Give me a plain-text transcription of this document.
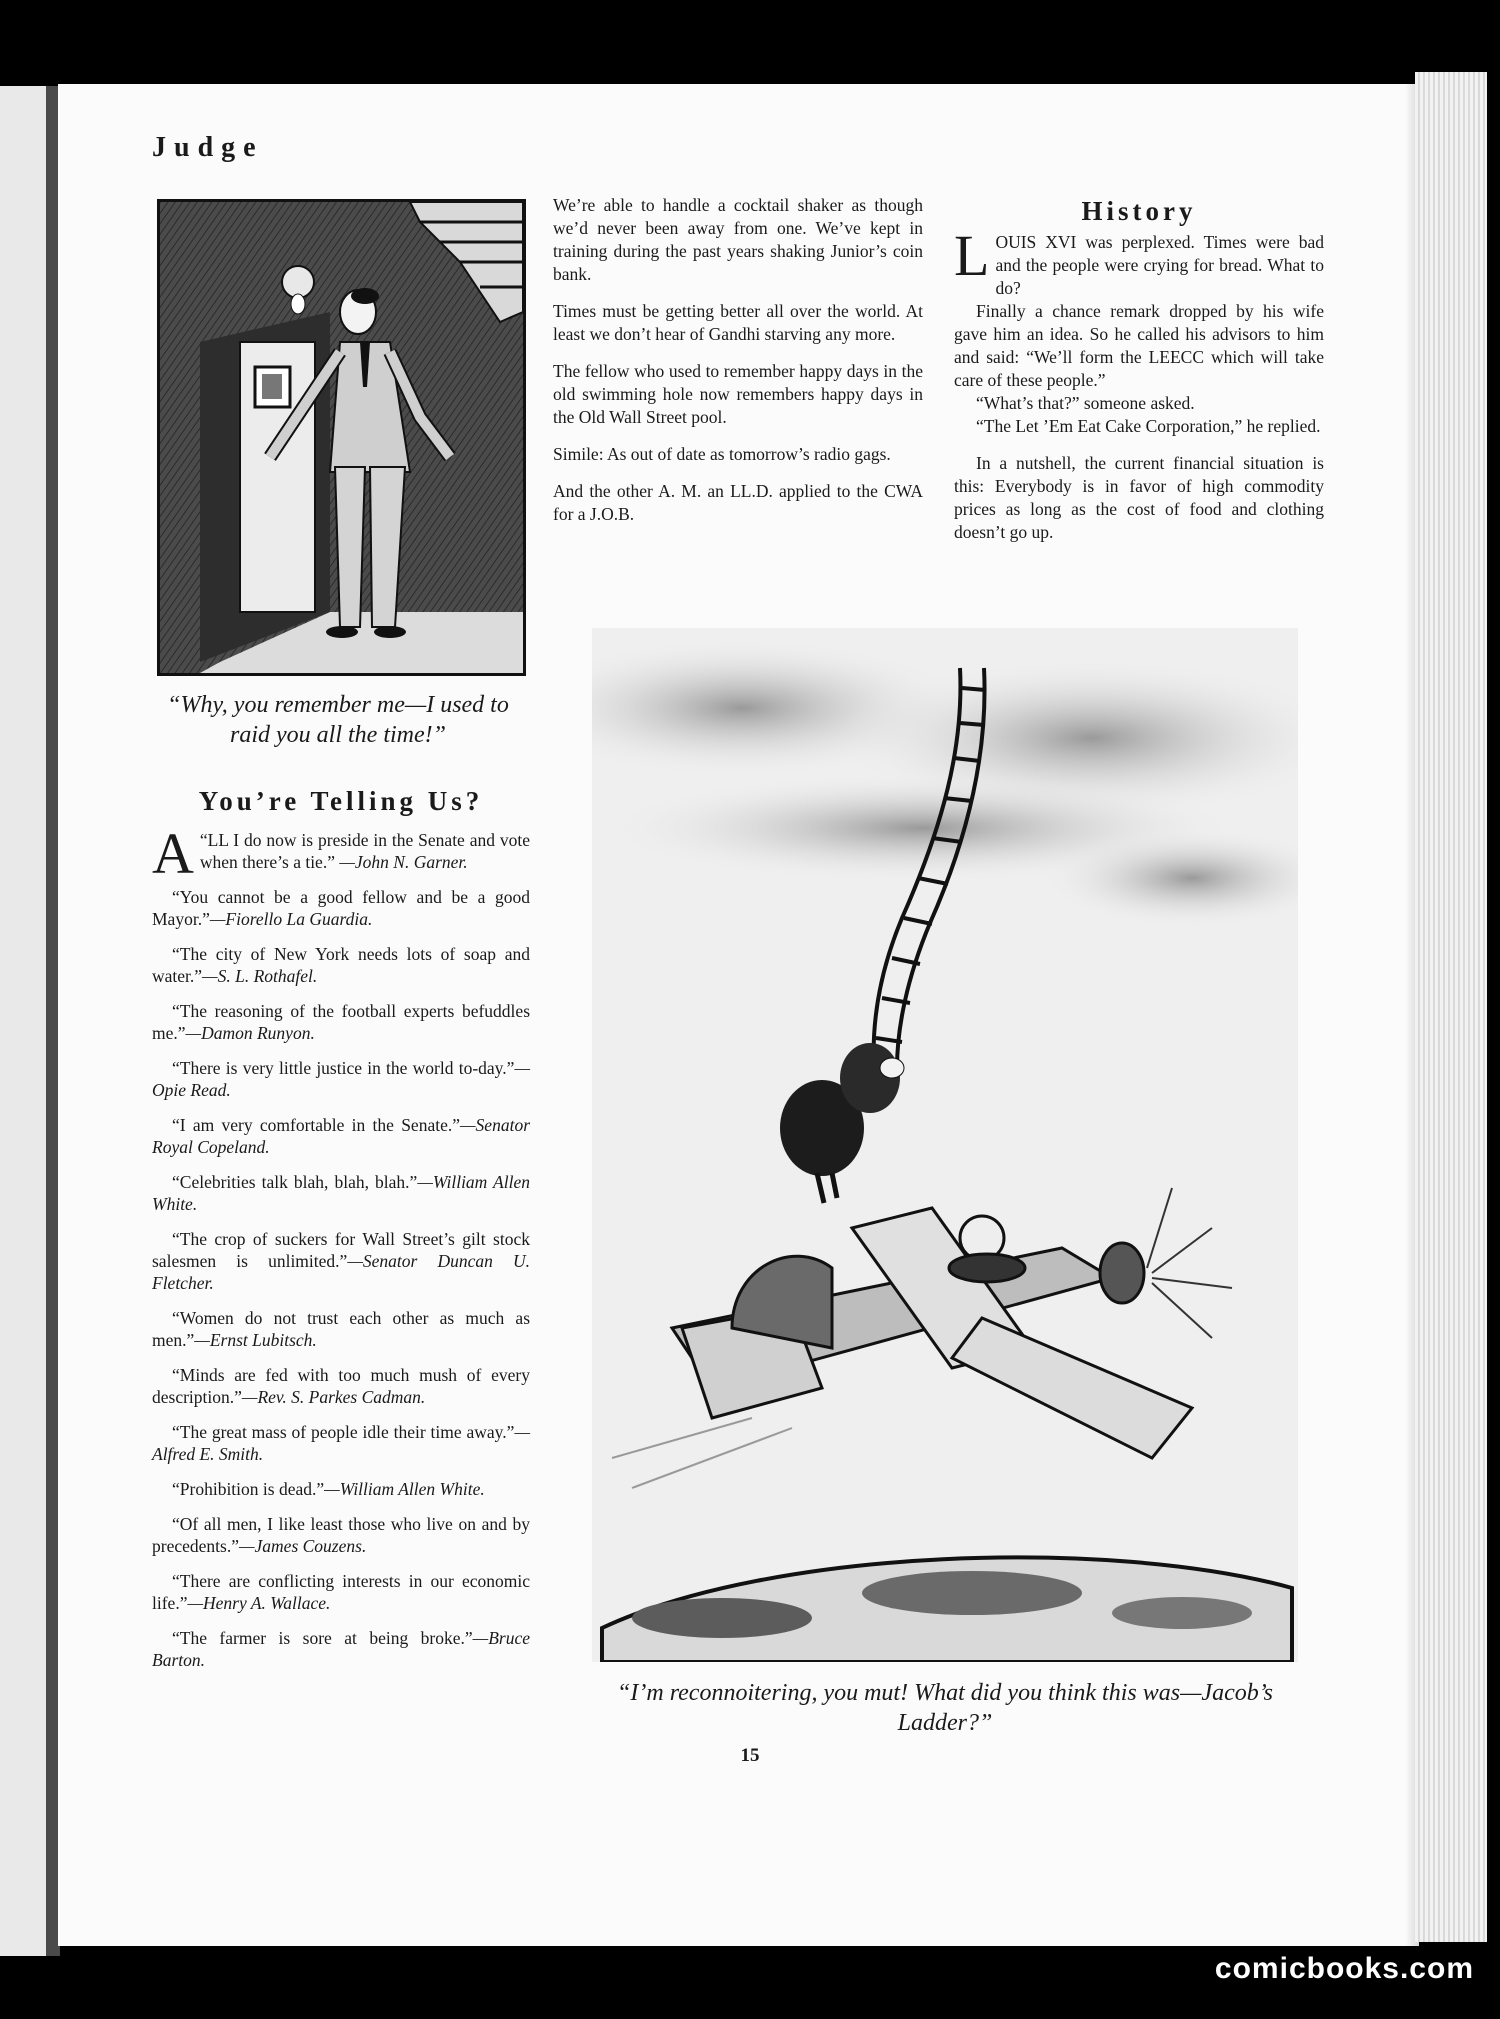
Judge
“Why, you remember me—I used to raid you all the time!”

We’re able to handle a cocktail shaker as though we’d never been away from one. We’ve kept in training during the past years shaking Junior’s coin bank.

Times must be getting better all over the world. At least we don’t hear of Gandhi starving any more.

The fellow who used to remember happy days in the old swimming hole now remembers happy days in the Old Wall Street pool.

Simile: As out of date as tomorrow’s radio gags.

And the other A. M. an LL.D. applied to the CWA for a J.O.B.

History

LOUIS XVI was perplexed. Times were bad and the people were crying for bread. What to do?

Finally a chance remark dropped by his wife gave him an idea. So he called his advisors to him and said: “We’ll form the LEECC which will take care of these people.”

“What’s that?” someone asked.

“The Let ’Em Eat Cake Corporation,” he replied.

In a nutshell, the current financial situation is this: Everybody is in favor of high commodity prices as long as the cost of food and clothing doesn’t go up.

You’re Telling Us?

“
A LL I do now is preside in the Senate and vote when there’s a tie.” —John N. Garner.

“You cannot be a good fellow and be a good Mayor.”—Fiorello La Guardia.

“The city of New York needs lots of soap and water.”—S. L. Rothafel.

“The reasoning of the football experts befuddles me.”—Damon Runyon.

“There is very little justice in the world to-day.”—Opie Read.

“I am very comfortable in the Senate.”—Senator Royal Copeland.

“Celebrities talk blah, blah, blah.”—William Allen White.

“The crop of suckers for Wall Street’s gilt stock salesmen is unlimited.”—Senator Duncan U. Fletcher.

“Women do not trust each other as much as men.”—Ernst Lubitsch.

“Minds are fed with too much mush of every description.”—Rev. S. Parkes Cadman.

“The great mass of people idle their time away.”—Alfred E. Smith.

“Prohibition is dead.”—William Allen White.

“Of all men, I like least those who live on and by precedents.”—James Couzens.

“There are conflicting interests in our economic life.”—Henry A. Wallace.

“The farmer is sore at being broke.”—Bruce Barton.

“I’m reconnoitering, you mut! What did you think this was—Jacob’s Ladder?”
15
comicbooks.com
